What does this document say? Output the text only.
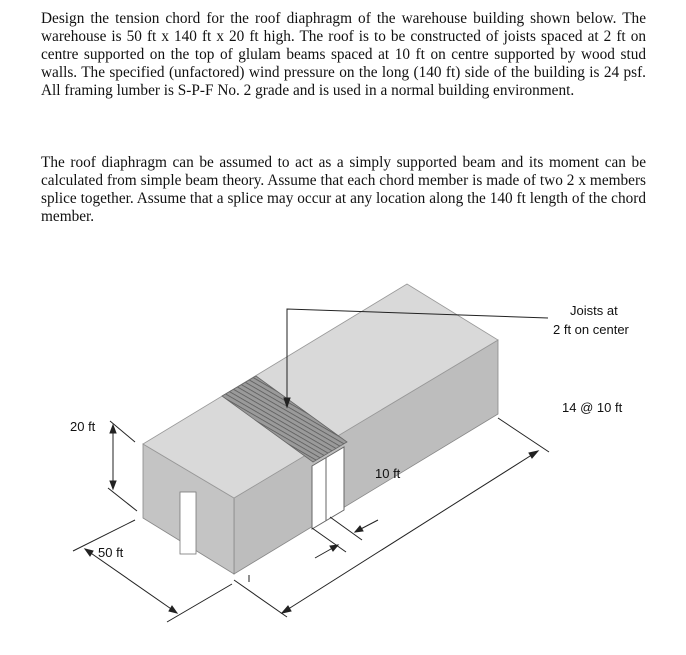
Design the tension chord for the roof diaphragm of the warehouse building shown below. The warehouse is 50 ft x 140 ft x 20 ft high. The roof is to be constructed of joists spaced at 2 ft on centre supported on the top of glulam beams spaced at 10 ft on centre supported by wood stud walls. The specified (unfactored) wind pressure on the long (140 ft) side of the building is 24 psf. All framing lumber is S-P-F No. 2 grade and is used in a normal building environment.

The roof diaphragm can be assumed to act as a simply supported beam and its moment can be calculated from simple beam theory. Assume that each chord member is made of two 2 x members splice together. Assume that a splice may occur at any location along the 140 ft length of the chord member.

Joists at
2 ft on center
14 @ 10 ft
20 ft
10 ft
50 ft
